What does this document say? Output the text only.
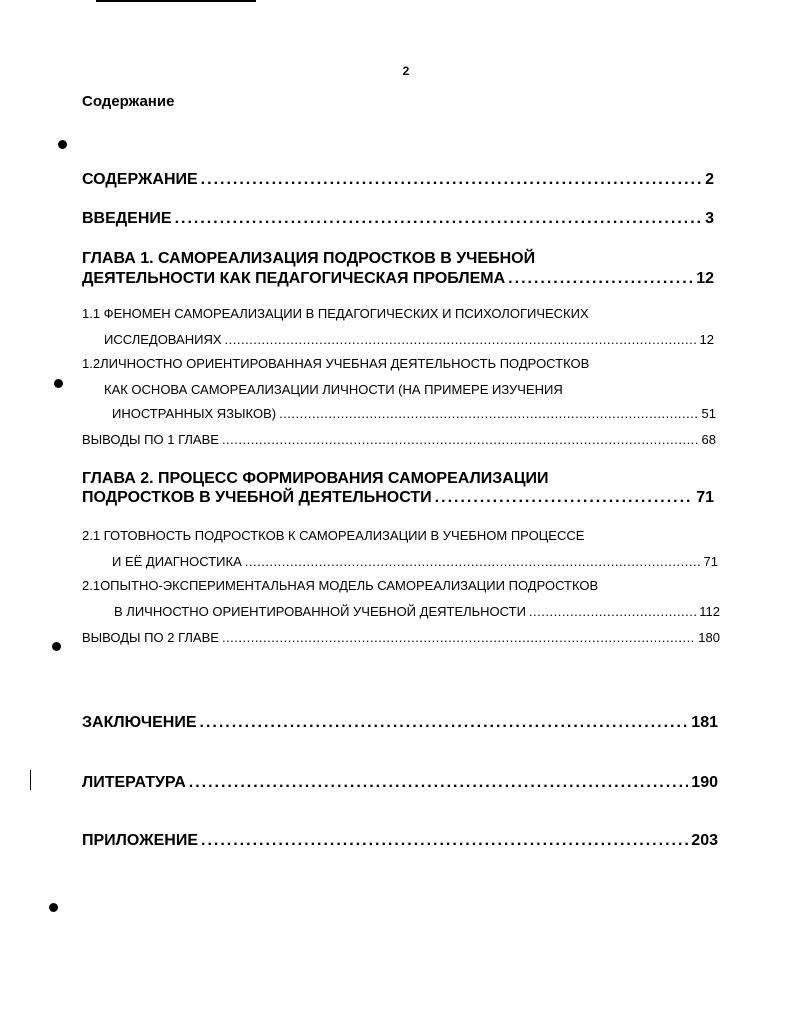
2
Содержание
СОДЕРЖАНИЕ .....	2
ВВЕДЕНИЕ .....	3
ГЛАВА 1. САМОРЕАЛИЗАЦИЯ ПОДРОСТКОВ В УЧЕБНОЙ
ДЕЯТЕЛЬНОСТИ КАК ПЕДАГОГИЧЕСКАЯ ПРОБЛЕМА .....	12
1.1 ФЕНОМЕН САМОРЕАЛИЗАЦИИ В ПЕДАГОГИЧЕСКИХ И ПСИХОЛОГИЧЕСКИХ
ИССЛЕДОВАНИЯХ .....	12
1.2ЛИЧНОСТНО ОРИЕНТИРОВАННАЯ УЧЕБНАЯ ДЕЯТЕЛЬНОСТЬ ПОДРОСТКОВ
КАК ОСНОВА САМОРЕАЛИЗАЦИИ ЛИЧНОСТИ (НА ПРИМЕРЕ ИЗУЧЕНИЯ
ИНОСТРАННЫХ ЯЗЫКОВ) .....	51
ВЫВОДЫ ПО 1 ГЛАВЕ .....	68
ГЛАВА 2. ПРОЦЕСС ФОРМИРОВАНИЯ САМОРЕАЛИЗАЦИИ
ПОДРОСТКОВ В УЧЕБНОЙ ДЕЯТЕЛЬНОСТИ .....	71
2.1 ГОТОВНОСТЬ ПОДРОСТКОВ К САМОРЕАЛИЗАЦИИ В УЧЕБНОМ ПРОЦЕССЕ
И ЕЁ ДИАГНОСТИКА .....	71
2.1ОПЫТНО-ЭКСПЕРИМЕНТАЛЬНАЯ МОДЕЛЬ САМОРЕАЛИЗАЦИИ ПОДРОСТКОВ
В ЛИЧНОСТНО ОРИЕНТИРОВАННОЙ УЧЕБНОЙ ДЕЯТЕЛЬНОСТИ .....	112
ВЫВОДЫ ПО 2 ГЛАВЕ .....	180
ЗАКЛЮЧЕНИЕ .....	181
ЛИТЕРАТУРА .....	190
ПРИЛОЖЕНИЕ .....	203
